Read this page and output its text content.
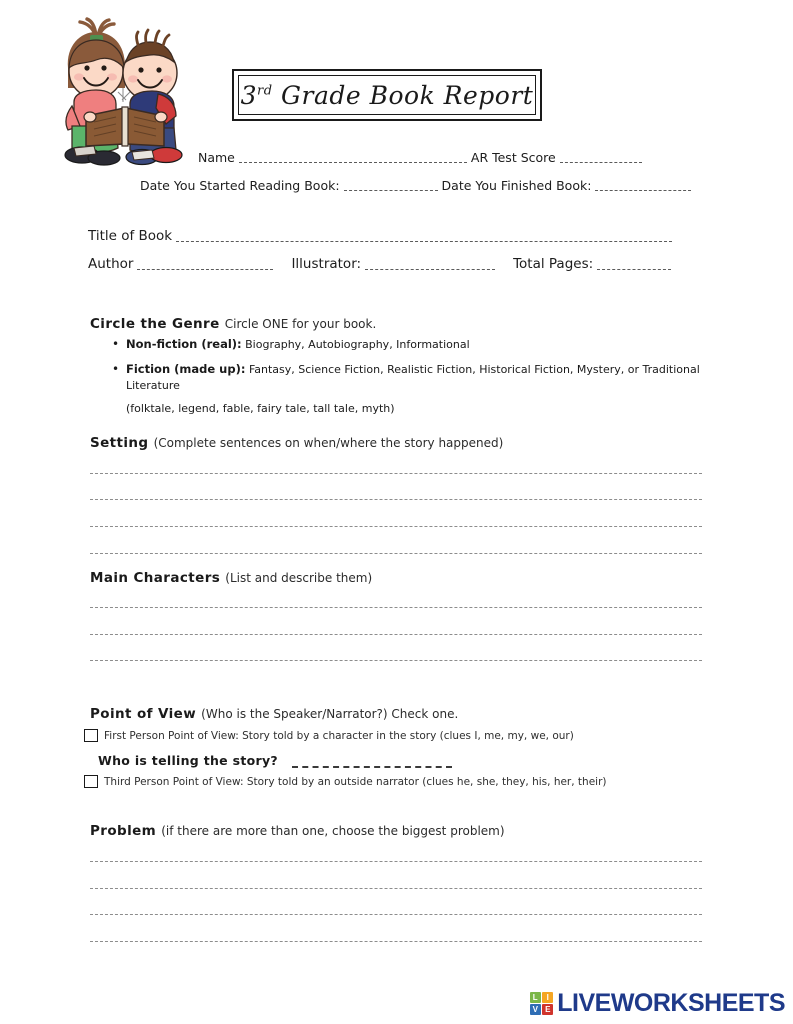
3rd Grade Book Report
Name	AR Test Score
Date You Started Reading Book:	Date You Finished Book:
Title of Book
Author	Illustrator:	Total Pages:
Circle the Genre Circle ONE for your book.
• Non-fiction (real): Biography, Autobiography, Informational
• Fiction (made up): Fantasy, Science Fiction, Realistic Fiction, Historical Fiction, Mystery, or Traditional Literature
(folktale, legend, fable, fairy tale, tall tale, myth)
Setting (Complete sentences on when/where the story happened)
Main Characters (List and describe them)
Point of View (Who is the Speaker/Narrator?) Check one.
First Person Point of View: Story told by a character in the story (clues I, me, my, we, our)
Who is telling the story?
Third Person Point of View: Story told by an outside narrator (clues he, she, they, his, her, their)
Problem (if there are more than one, choose the biggest problem)
L	I
V E LIVEWORKSHEETS
